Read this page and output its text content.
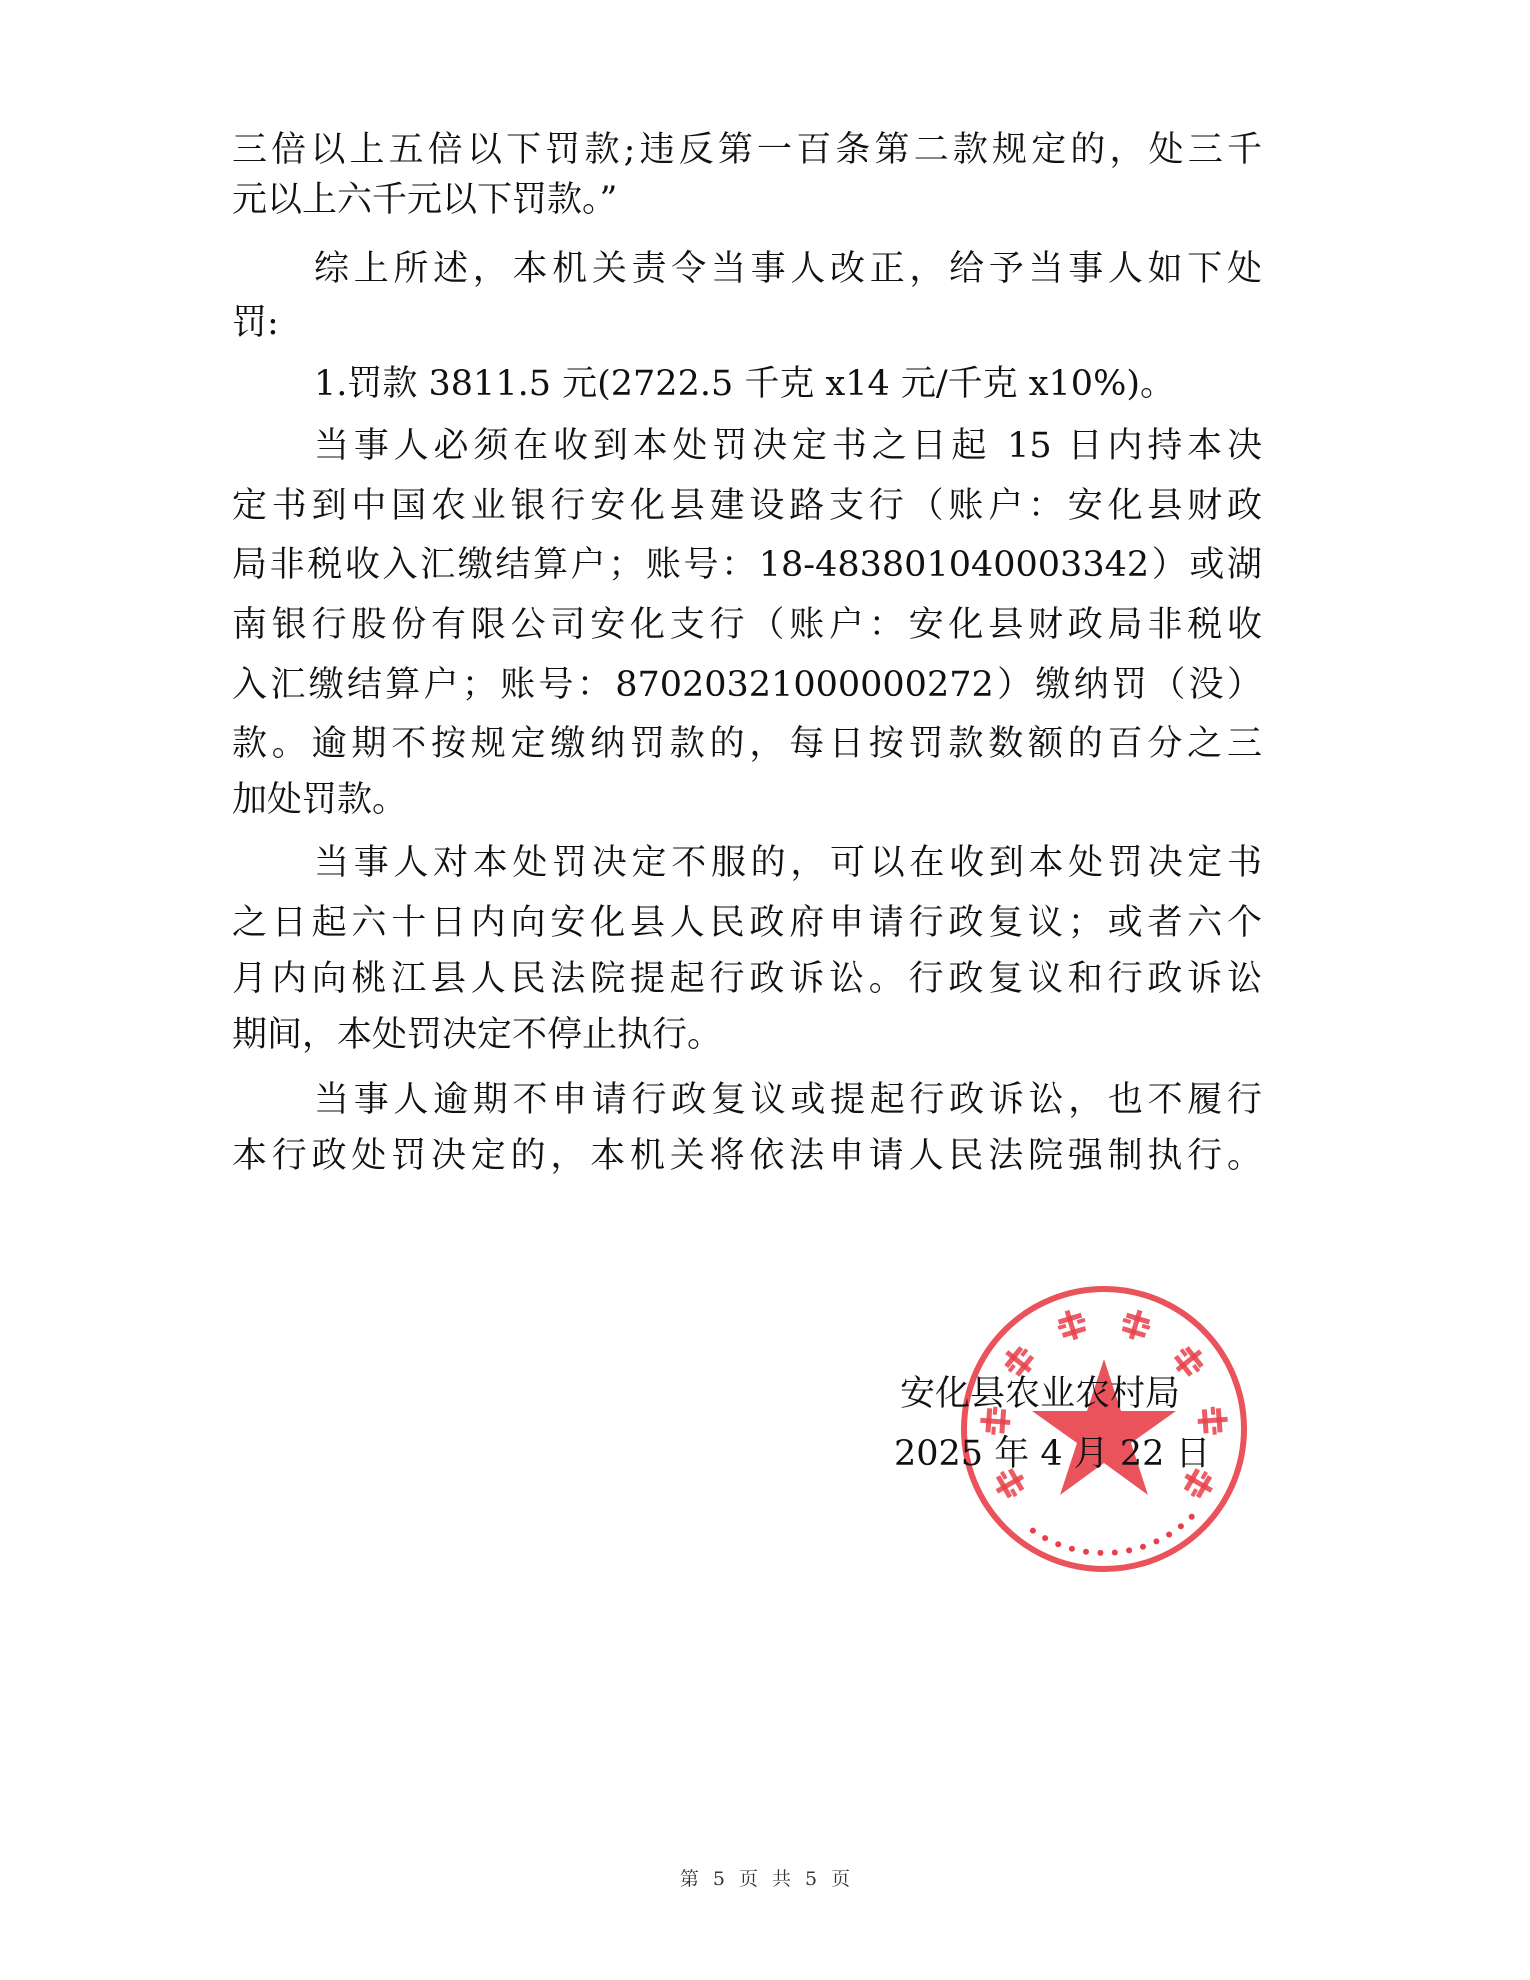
三倍以上五倍以下罚款;违反第一百条第二款规定的，处三千
元以上六千元以下罚款。”
综上所述，本机关责令当事人改正，给予当事人如下处
罚:
1.罚款 3811.5 元(2722.5 千克 x14 元/千克 x10%)。
当事人必须在收到本处罚决定书之日起 15 日内持本决
定书到中国农业银行安化县建设路支行（账户：安化县财政
局非税收入汇缴结算户；账号：18-483801040003342）或湖
南银行股份有限公司安化支行（账户：安化县财政局非税收
入汇缴结算户；账号：87020321000000272）缴纳罚（没）
款。逾期不按规定缴纳罚款的，每日按罚款数额的百分之三
加处罚款。
当事人对本处罚决定不服的，可以在收到本处罚决定书
之日起六十日内向安化县人民政府申请行政复议；或者六个
月内向桃江县人民法院提起行政诉讼。行政复议和行政诉讼
期间，本处罚决定不停止执行。
当事人逾期不申请行政复议或提起行政诉讼，也不履行
本行政处罚决定的，本机关将依法申请人民法院强制执行。
安化县农业农村局
2025 年 4 月 22 日
第 5 页 共 5 页
